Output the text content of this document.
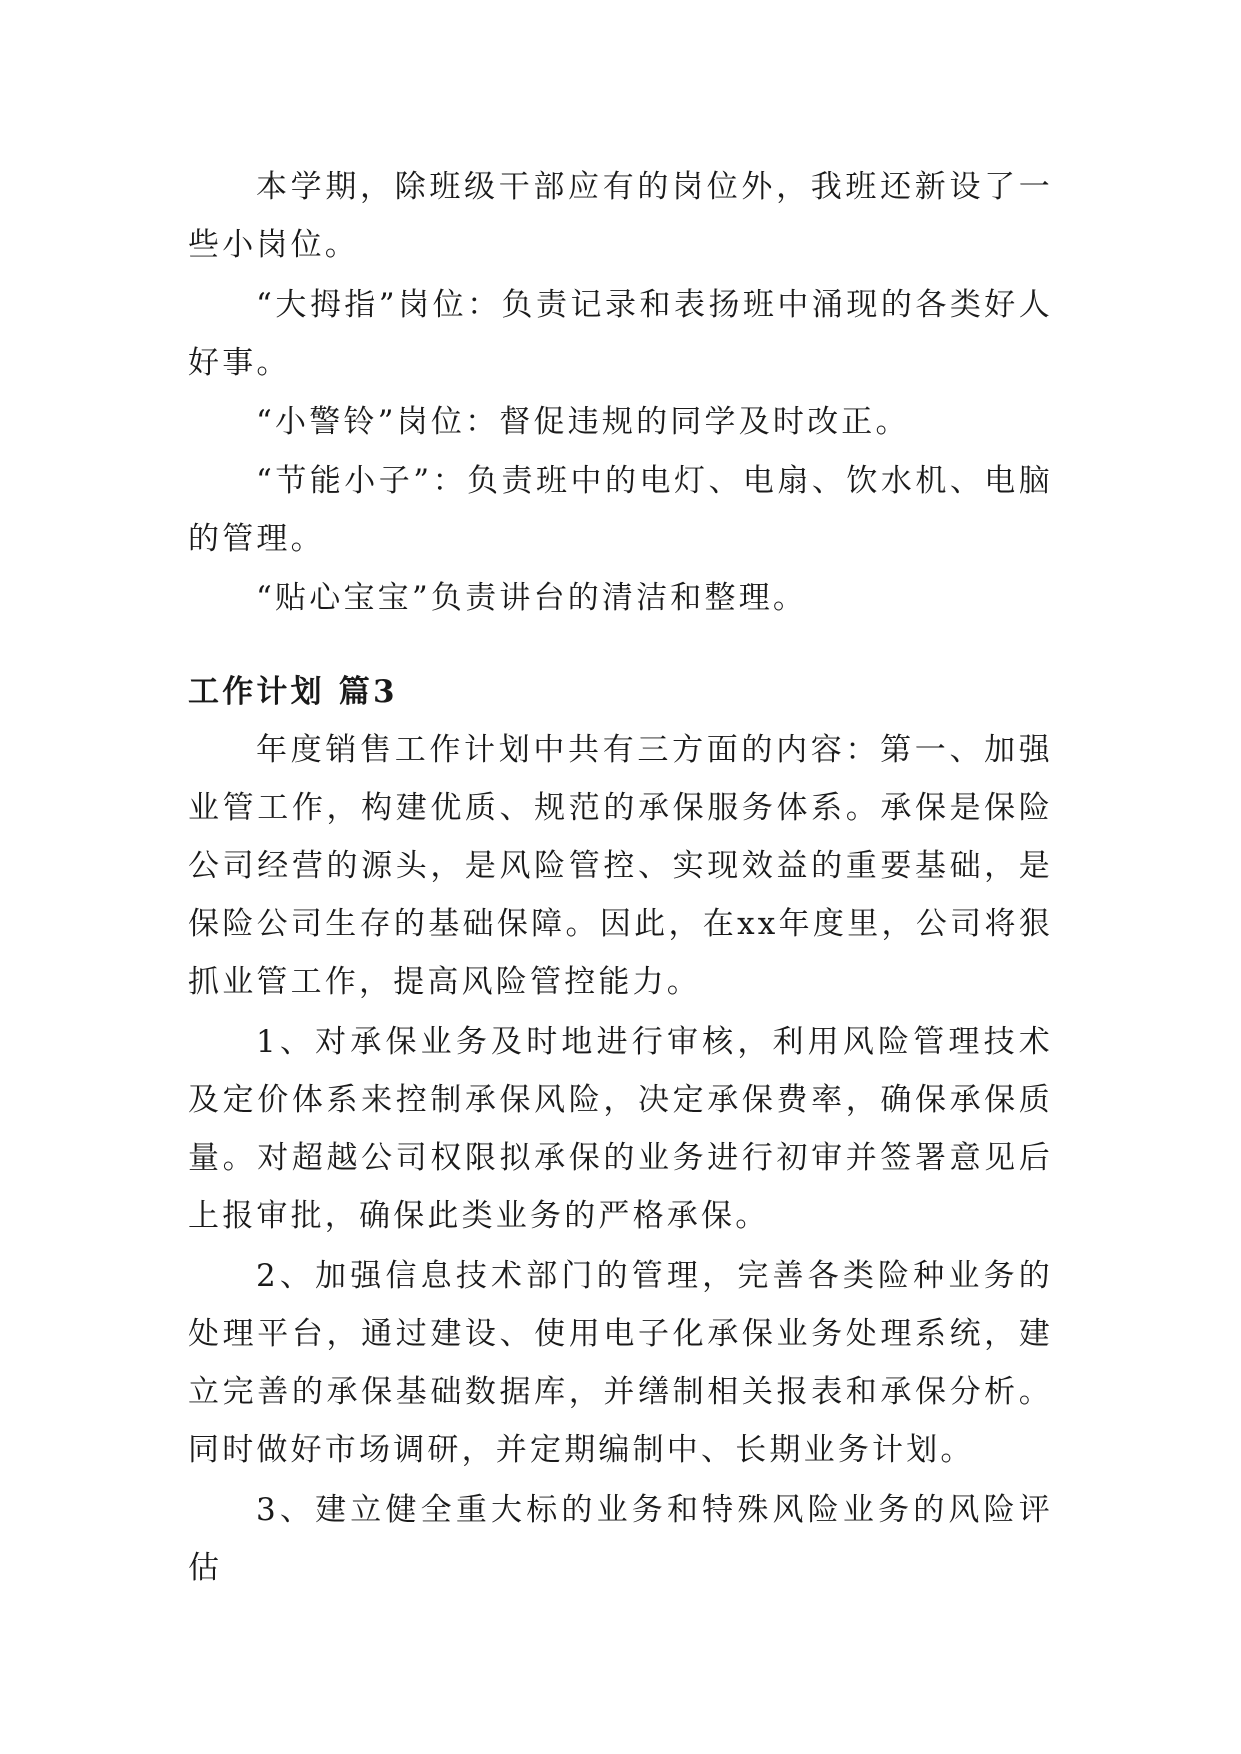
本学期，除班级干部应有的岗位外，我班还新设了一些小岗位。

“大拇指”岗位：负责记录和表扬班中涌现的各类好人好事。

“小警铃”岗位：督促违规的同学及时改正。

“节能小子”：负责班中的电灯、电扇、饮水机、电脑的管理。

“贴心宝宝”负责讲台的清洁和整理。

工作计划 篇3

年度销售工作计划中共有三方面的内容：第一、加强业管工作，构建优质、规范的承保服务体系。承保是保险公司经营的源头，是风险管控、实现效益的重要基础，是保险公司生存的基础保障。因此，在xx年度里，公司将狠抓业管工作，提高风险管控能力。

1、对承保业务及时地进行审核，利用风险管理技术及定价体系来控制承保风险，决定承保费率，确保承保质量。对超越公司权限拟承保的业务进行初审并签署意见后上报审批，确保此类业务的严格承保。

2、加强信息技术部门的管理，完善各类险种业务的处理平台，通过建设、使用电子化承保业务处理系统，建立完善的承保基础数据库，并缮制相关报表和承保分析。同时做好市场调研，并定期编制中、长期业务计划。

3、建立健全重大标的业务和特殊风险业务的风险评估
